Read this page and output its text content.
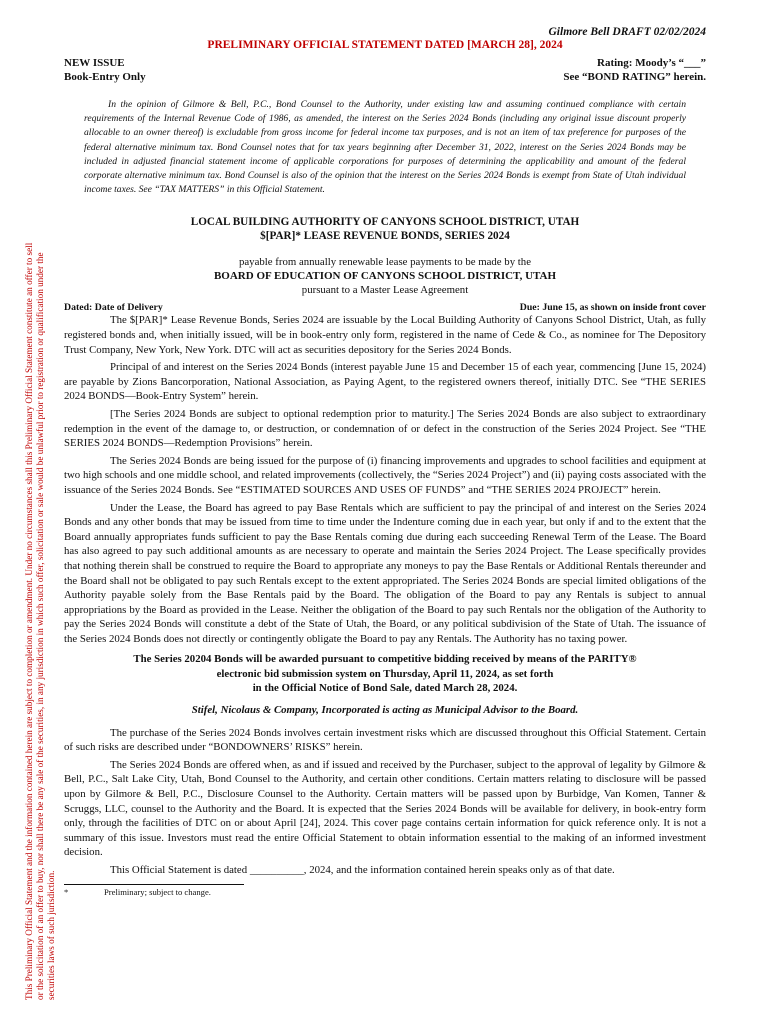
This Preliminary Official Statement and the information contained herein are subject to completion or amendment. Under no circumstances shall this Preliminary Official Statement constitute an offer to sell or the solicitation of an offer to buy, nor shall there be any sale of the securities, in any jurisdiction in which such offer, solicitation or sale would be unlawful prior to registration or qualification under the securities laws of such jurisdiction.
Gilmore Bell DRAFT 02/02/2024
PRELIMINARY OFFICIAL STATEMENT DATED [MARCH 28], 2024
NEW ISSUE	Rating: Moody’s “___”
Book-Entry Only	See “BOND RATING” herein.
In the opinion of Gilmore & Bell, P.C., Bond Counsel to the Authority, under existing law and assuming continued compliance with certain requirements of the Internal Revenue Code of 1986, as amended, the interest on the Series 2024 Bonds (including any original issue discount properly allocable to an owner thereof) is excludable from gross income for federal income tax purposes, and is not an item of tax preference for purposes of the federal alternative minimum tax. Bond Counsel notes that for tax years beginning after December 31, 2022, interest on the Series 2024 Bonds may be included in adjusted financial statement income of applicable corporations for purposes of determining the applicability and amount of the federal corporate alternative minimum tax. Bond Counsel is also of the opinion that the interest on the Series 2024 Bonds is exempt from State of Utah individual income taxes. See “TAX MATTERS” in this Official Statement.
LOCAL BUILDING AUTHORITY OF CANYONS SCHOOL DISTRICT, UTAH
$[PAR]* LEASE REVENUE BONDS, SERIES 2024
payable from annually renewable lease payments to be made by the
BOARD OF EDUCATION OF CANYONS SCHOOL DISTRICT, UTAH
pursuant to a Master Lease Agreement
Dated: Date of Delivery	Due: June 15, as shown on inside front cover

The $[PAR]* Lease Revenue Bonds, Series 2024 are issuable by the Local Building Authority of Canyons School District, Utah, as fully registered bonds and, when initially issued, will be in book-entry only form, registered in the name of Cede & Co., as nominee for The Depository Trust Company, New York, New York. DTC will act as securities depository for the Series 2024 Bonds.

Principal of and interest on the Series 2024 Bonds (interest payable June 15 and December 15 of each year, commencing [June 15, 2024) are payable by Zions Bancorporation, National Association, as Paying Agent, to the registered owners thereof, initially DTC. See “THE SERIES 2024 BONDS—Book-Entry System” herein.

[The Series 2024 Bonds are subject to optional redemption prior to maturity.] The Series 2024 Bonds are also subject to extraordinary redemption in the event of the damage to, or destruction, or condemnation of or defect in the construction of the Series 2024 Project. See “THE SERIES 2024 BONDS—Redemption Provisions” herein.

The Series 2024 Bonds are being issued for the purpose of (i) financing improvements and upgrades to school facilities and equipment at two high schools and one middle school, and related improvements (collectively, the “Series 2024 Project”) and (ii) paying costs associated with the issuance of the Series 2024 Bonds. See “ESTIMATED SOURCES AND USES OF FUNDS” and “THE SERIES 2024 PROJECT” herein.

Under the Lease, the Board has agreed to pay Base Rentals which are sufficient to pay the principal of and interest on the Series 2024 Bonds and any other bonds that may be issued from time to time under the Indenture coming due in each year, but only if and to the extent that the Board annually appropriates funds sufficient to pay the Base Rentals coming due during each succeeding Renewal Term of the Lease. The Board has also agreed to pay such additional amounts as are necessary to operate and maintain the Series 2024 Project. The Lease specifically provides that nothing therein shall be construed to require the Board to appropriate any moneys to pay the Base Rentals or Additional Rentals thereunder and the Board shall not be obligated to pay such Rentals except to the extent appropriated. The Series 2024 Bonds are special limited obligations of the Authority payable solely from the Base Rentals paid by the Board. The obligation of the Board to pay any Rentals is subject to annual appropriations by the Board as provided in the Lease. Neither the obligation of the Board to pay such Rentals nor the obligation of the Authority to pay the Series 2024 Bonds will constitute a debt of the State of Utah, the Board, or any political subdivision of the State of Utah. The issuance of the Series 2024 Bonds does not directly or contingently obligate the Board to pay any Rentals. The Authority has no taxing power.

The Series 20204 Bonds will be awarded pursuant to competitive bidding received by means of the PARITY®
electronic bid submission system on Thursday, April 11, 2024, as set forth
in the Official Notice of Bond Sale, dated March 28, 2024.
Stifel, Nicolaus & Company, Incorporated is acting as Municipal Advisor to the Board.

The purchase of the Series 2024 Bonds involves certain investment risks which are discussed throughout this Official Statement. Certain of such risks are described under “BONDOWNERS’ RISKS” herein.

The Series 2024 Bonds are offered when, as and if issued and received by the Purchaser, subject to the approval of legality by Gilmore & Bell, P.C., Salt Lake City, Utah, Bond Counsel to the Authority, and certain other conditions. Certain matters relating to disclosure will be passed upon by Gilmore & Bell, P.C., Disclosure Counsel to the Authority. Certain matters will be passed upon by Burbidge, Van Komen, Tanner & Scruggs, LLC, counsel to the Authority and the Board. It is expected that the Series 2024 Bonds will be available for delivery, in book-entry form only, through the facilities of DTC on or about April [24], 2024. This cover page contains certain information for quick reference only. It is not a summary of this issue. Investors must read the entire Official Statement to obtain information essential to the making of an informed investment decision.

This Official Statement is dated __________, 2024, and the information contained herein speaks only as of that date.

*	Preliminary; subject to change.
